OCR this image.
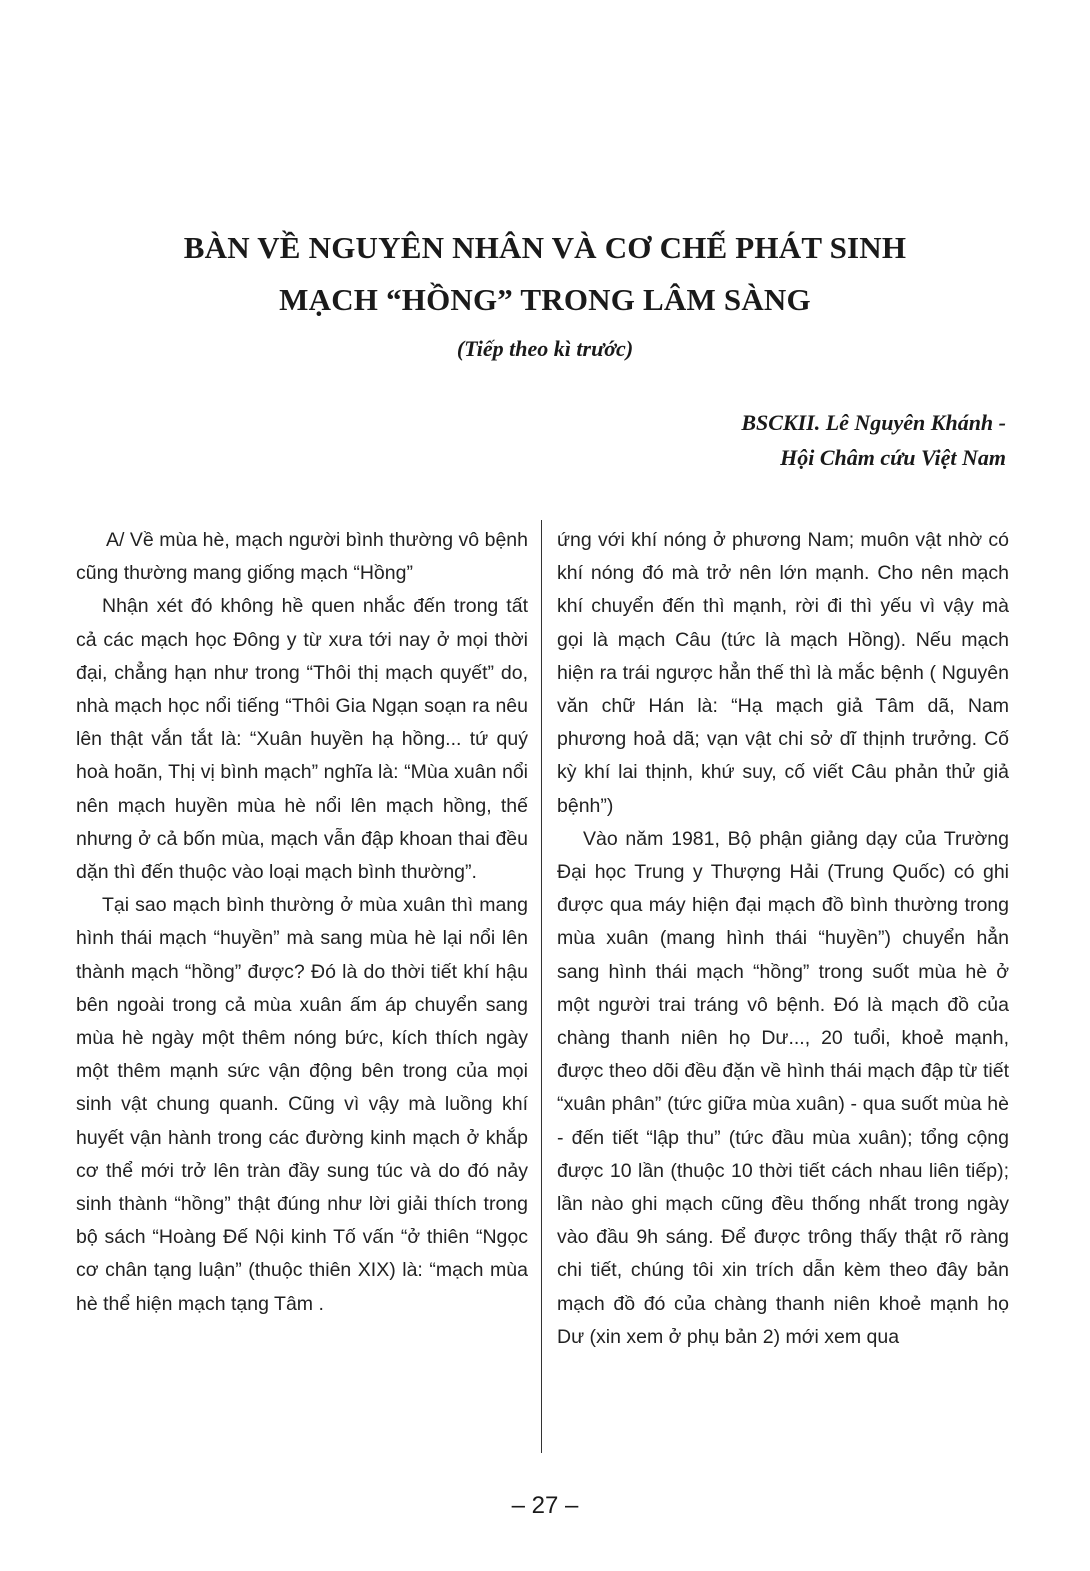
BÀN VỀ NGUYÊN NHÂN VÀ CƠ CHẾ PHÁT SINH
MẠCH “HỒNG” TRONG LÂM SÀNG
(Tiếp theo kì trước)
BSCKII. Lê Nguyên Khánh -
Hội Châm cứu Việt Nam

A/ Về mùa hè, mạch người bình thường vô bệnh cũng thường mang giống mạch “Hồng”

Nhận xét đó không hề quen nhắc đến trong tất cả các mạch học Đông y từ xưa tới nay ở mọi thời đại, chẳng hạn như trong “Thôi thị mạch quyết” do, nhà mạch học nổi tiếng “Thôi Gia Ngạn soạn ra nêu lên thật vắn tắt là: “Xuân huyền hạ hồng... tứ quý hoà hoãn, Thị vị bình mạch” nghĩa là: “Mùa xuân nổi nên mạch huyền mùa hè nổi lên mạch hồng, thế nhưng ở cả bốn mùa, mạch vẫn đập khoan thai đều dặn thì đến thuộc vào loại mạch bình thường”.

Tại sao mạch bình thường ở mùa xuân thì mang hình thái mạch “huyền” mà sang mùa hè lại nổi lên thành mạch “hồng” được? Đó là do thời tiết khí hậu bên ngoài trong cả mùa xuân ấm áp chuyển sang mùa hè ngày một thêm nóng bức, kích thích ngày một thêm mạnh sức vận động bên trong của mọi sinh vật chung quanh. Cũng vì vậy mà luồng khí huyết vận hành trong các đường kinh mạch ở khắp cơ thể mới trở lên tràn đầy sung túc và do đó nảy sinh thành “hồng” thật đúng như lời giải thích trong bộ sách “Hoàng Đế Nội kinh Tố vấn “ở thiên “Ngọc cơ chân tạng luận” (thuộc thiên XIX) là: “mạch mùa hè thể hiện mạch tạng Tâm .

ứng với khí nóng ở phương Nam; muôn vật nhờ có khí nóng đó mà trở nên lớn mạnh. Cho nên mạch khí chuyển đến thì mạnh, rời đi thì yếu vì vậy mà gọi là mạch Câu (tức là mạch Hồng). Nếu mạch hiện ra trái ngược hẳn thế thì là mắc bệnh ( Nguyên văn chữ Hán là: “Hạ mạch giả Tâm dã, Nam phương hoả dã; vạn vật chi sở dĩ thịnh trưởng. Cố kỳ khí lai thịnh, khứ suy, cố viết Câu phản thử giả bệnh”)

Vào năm 1981, Bộ phận giảng dạy của Trường Đại học Trung y Thượng Hải (Trung Quốc) có ghi được qua máy hiện đại mạch đồ bình thường trong mùa xuân (mang hình thái “huyền”) chuyển hẳn sang hình thái mạch “hồng” trong suốt mùa hè ở một người trai tráng vô bệnh. Đó là mạch đồ của chàng thanh niên họ Dư..., 20 tuổi, khoẻ mạnh, được theo dõi đều đặn về hình thái mạch đập từ tiết “xuân phân” (tức giữa mùa xuân) - qua suốt mùa hè - đến tiết “lập thu” (tức đầu mùa xuân); tổng cộng được 10 lần (thuộc 10 thời tiết cách nhau liên tiếp); lần nào ghi mạch cũng đều thống nhất trong ngày vào đầu 9h sáng. Để được trông thấy thật rõ ràng chi tiết, chúng tôi xin trích dẫn kèm theo đây bản mạch đồ đó của chàng thanh niên khoẻ mạnh họ Dư (xin xem ở phụ bản 2) mới xem qua

– 27 –
